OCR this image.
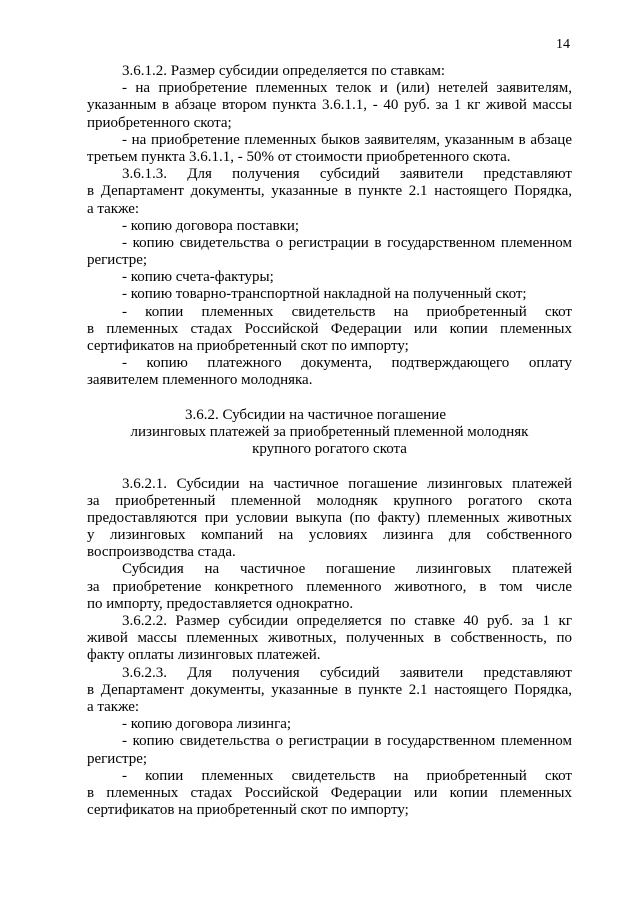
14
3.6.1.2. Размер субсидии определяется по ставкам:
- на приобретение племенных телок и (или) нетелей заявителям,
указанным в абзаце втором пункта 3.6.1.1, - 40 руб. за 1 кг живой массы
приобретенного скота;
- на приобретение племенных быков заявителям, указанным в абзаце
третьем пункта 3.6.1.1, - 50% от стоимости приобретенного скота.
3.6.1.3. Для получения субсидий заявители представляют
в Департамент документы, указанные в пункте 2.1 настоящего Порядка,
а также:
- копию договора поставки;
- копию свидетельства о регистрации в государственном племенном
регистре;
- копию счета-фактуры;
- копию товарно-транспортной накладной на полученный скот;
- копии племенных свидетельств на приобретенный скот
в племенных стадах Российской Федерации или копии племенных
сертификатов на приобретенный скот по импорту;
- копию платежного документа, подтверждающего оплату
заявителем племенного молодняка.
3.6.2. Субсидии на частичное погашение
лизинговых платежей за приобретенный племенной молодняк
крупного рогатого скота
3.6.2.1. Субсидии на частичное погашение лизинговых платежей
за приобретенный племенной молодняк крупного рогатого скота
предоставляются при условии выкупа (по факту) племенных животных
у лизинговых компаний на условиях лизинга для собственного
воспроизводства стада.
Субсидия на частичное погашение лизинговых платежей
за приобретение конкретного племенного животного, в том числе
по импорту, предоставляется однократно.
3.6.2.2. Размер субсидии определяется по ставке 40 руб. за 1 кг
живой массы племенных животных, полученных в собственность, по
факту оплаты лизинговых платежей.
3.6.2.3. Для получения субсидий заявители представляют
в Департамент документы, указанные в пункте 2.1 настоящего Порядка,
а также:
- копию договора лизинга;
- копию свидетельства о регистрации в государственном племенном
регистре;
- копии племенных свидетельств на приобретенный скот
в племенных стадах Российской Федерации или копии племенных
сертификатов на приобретенный скот по импорту;
